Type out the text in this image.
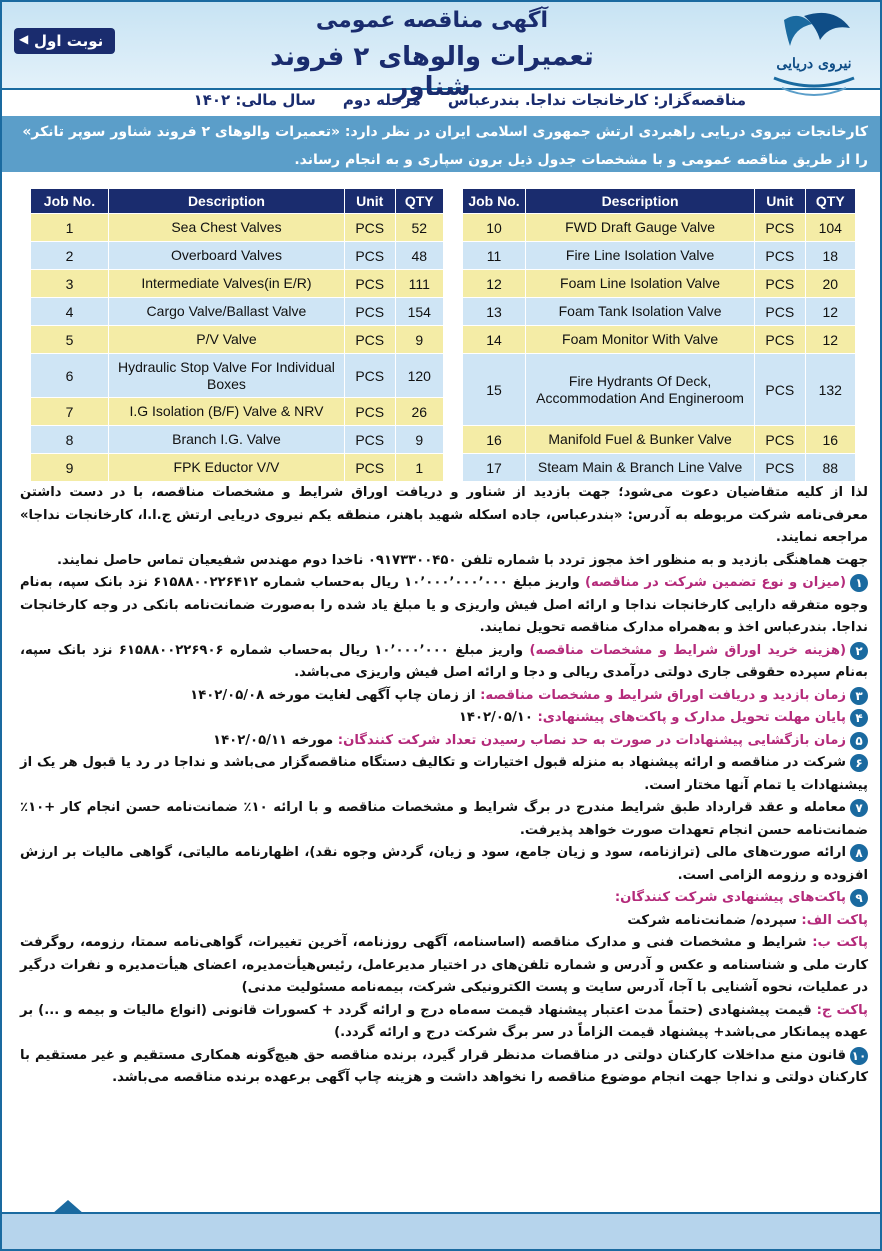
◀ نوبت اول
آگهی مناقصه عمومی
تعمیرات والوهای ۲ فروند شناور
نیروی دریایی
مناقصه‌گزار: کارخانجات نداجا. بندرعباس مرحله دوم سال مالی: ۱۴۰۲

کارخانجات نیروی دریایی راهبردی ارتش جمهوری اسلامی ایران در نظر دارد: «تعمیرات والوهای ۲ فروند شناور سوپر تانکر»

را از طریق مناقصه عمومی و با مشخصات جدول ذیل برون سپاری و به انجام رساند.

Job No.	Description	Unit	QTY
1	Sea Chest Valves	PCS	52
2	Overboard Valves	PCS	48
3	Intermediate Valves(in E/R)	PCS	111
4	Cargo Valve/Ballast Valve	PCS	154
5	P/V Valve	PCS	9
6	Hydraulic Stop Valve For Individual Boxes	PCS	120
7	I.G Isolation (B/F) Valve & NRV	PCS	26
8	Branch I.G. Valve	PCS	9
9	FPK Eductor V/V	PCS	1
Job No.	Description	Unit	QTY
10	FWD Draft Gauge Valve	PCS	104
11	Fire Line Isolation Valve	PCS	18
12	Foam Line Isolation Valve	PCS	20
13	Foam Tank Isolation Valve	PCS	12
14	Foam Monitor With Valve	PCS	12
15	Fire Hydrants Of Deck, Accommodation And Engineroom	PCS	132
16	Manifold Fuel & Bunker Valve	PCS	16
17	Steam Main & Branch Line Valve	PCS	88

لذا از کلیه متقاضیان دعوت می‌شود؛ جهت بازدید از شناور و دریافت اوراق شرایط و مشخصات مناقصه، با در دست داشتن معرفی‌نامه شرکت مربوطه به آدرس: «بندرعباس، جاده اسکله شهید باهنر، منطقه یکم نیروی دریایی ارتش ج.ا.ا، کارخانجات نداجا» مراجعه نمایند.

جهت هماهنگی بازدید و به منظور اخذ مجوز تردد با شماره تلفن ۰۹۱۷۳۳۰۰۴۵۰ ناخدا دوم مهندس شفیعیان تماس حاصل نمایند.

۱(میزان و نوع تضمین شرکت در مناقصه) واریز مبلغ ۱۰٬۰۰۰٬۰۰۰٬۰۰۰ ریال به‌حساب شماره ۶۱۵۸۸۰۰۲۲۶۴۱۲ نزد بانک سپه، به‌نام وجوه متفرقه دارایی کارخانجات نداجا و ارائه اصل فیش واریزی و یا مبلغ یاد شده را به‌صورت ضمانت‌نامه بانکی در وجه کارخانجات نداجا. بندرعباس اخذ و به‌همراه مدارک مناقصه تحویل نمایند.

۲(هزینه خرید اوراق شرایط و مشخصات مناقصه) واریز مبلغ ۱۰٬۰۰۰٬۰۰۰ ریال به‌حساب شماره ۶۱۵۸۸۰۰۲۲۶۹۰۶ نزد بانک سپه، به‌نام سپرده حقوقی جاری دولتی درآمدی ریالی و دجا و ارائه اصل فیش واریزی می‌باشد.

۳زمان بازدید و دریافت اوراق شرایط و مشخصات مناقصه: از زمان چاپ آگهی لغایت مورخه ۱۴۰۲/۰۵/۰۸

۴پایان مهلت تحویل مدارک و پاکت‌های پیشنهادی: ۱۴۰۲/۰۵/۱۰

۵زمان بازگشایی پیشنهادات در صورت به حد نصاب رسیدن تعداد شرکت کنندگان: مورخه ۱۴۰۲/۰۵/۱۱

۶شرکت در مناقصه و ارائه پیشنهاد به منزله قبول اختیارات و تکالیف دستگاه مناقصه‌گزار می‌باشد و نداجا در رد یا قبول هر یک از پیشنهادات یا تمام آنها مختار است.

۷معامله و عقد قرارداد طبق شرایط مندرج در برگ شرایط و مشخصات مناقصه و با ارائه ۱۰٪ ضمانت‌نامه حسن انجام کار +۱۰٪ ضمانت‌نامه حسن انجام تعهدات صورت خواهد پذیرفت.

۸ارائه صورت‌های مالی (ترازنامه، سود و زیان جامع، سود و زیان، گردش وجوه نقد)، اظهارنامه مالیاتی، گواهی مالیات بر ارزش افزوده و رزومه الزامی است.

۹پاکت‌های پیشنهادی شرکت کنندگان:

پاکت الف: سپرده/ ضمانت‌نامه شرکت

پاکت ب: شرایط و مشخصات فنی و مدارک مناقصه (اساسنامه، آگهی روزنامه، آخرین تغییرات، گواهی‌نامه سمتا، رزومه، روگرفت کارت ملی و شناسنامه و عکس و آدرس و شماره تلفن‌های در اختیار مدیرعامل، رئیس‌هیأت‌مدیره، اعضای هیأت‌مدیره و نفرات درگیر در عملیات، نحوه آشنایی با آجا، آدرس سایت و پست الکترونیکی شرکت، بیمه‌نامه مسئولیت مدنی)

پاکت ج: قیمت پیشنهادی (حتماً مدت اعتبار پیشنهاد قیمت سه‌ماه درج و ارائه گردد + کسورات قانونی (انواع مالیات و بیمه و ...) بر عهده پیمانکار می‌باشد+ پیشنهاد قیمت الزاماً در سر برگ شرکت درج و ارائه گردد.)

۱۰قانون منع مداخلات کارکنان دولتی در مناقصات مدنظر قرار گیرد، برنده مناقصه حق هیچ‌گونه همکاری مستقیم و غیر مستقیم با کارکنان دولتی و نداجا جهت انجام موضوع مناقصه را نخواهد داشت و هزینه چاپ آگهی برعهده برنده مناقصه می‌باشد.
